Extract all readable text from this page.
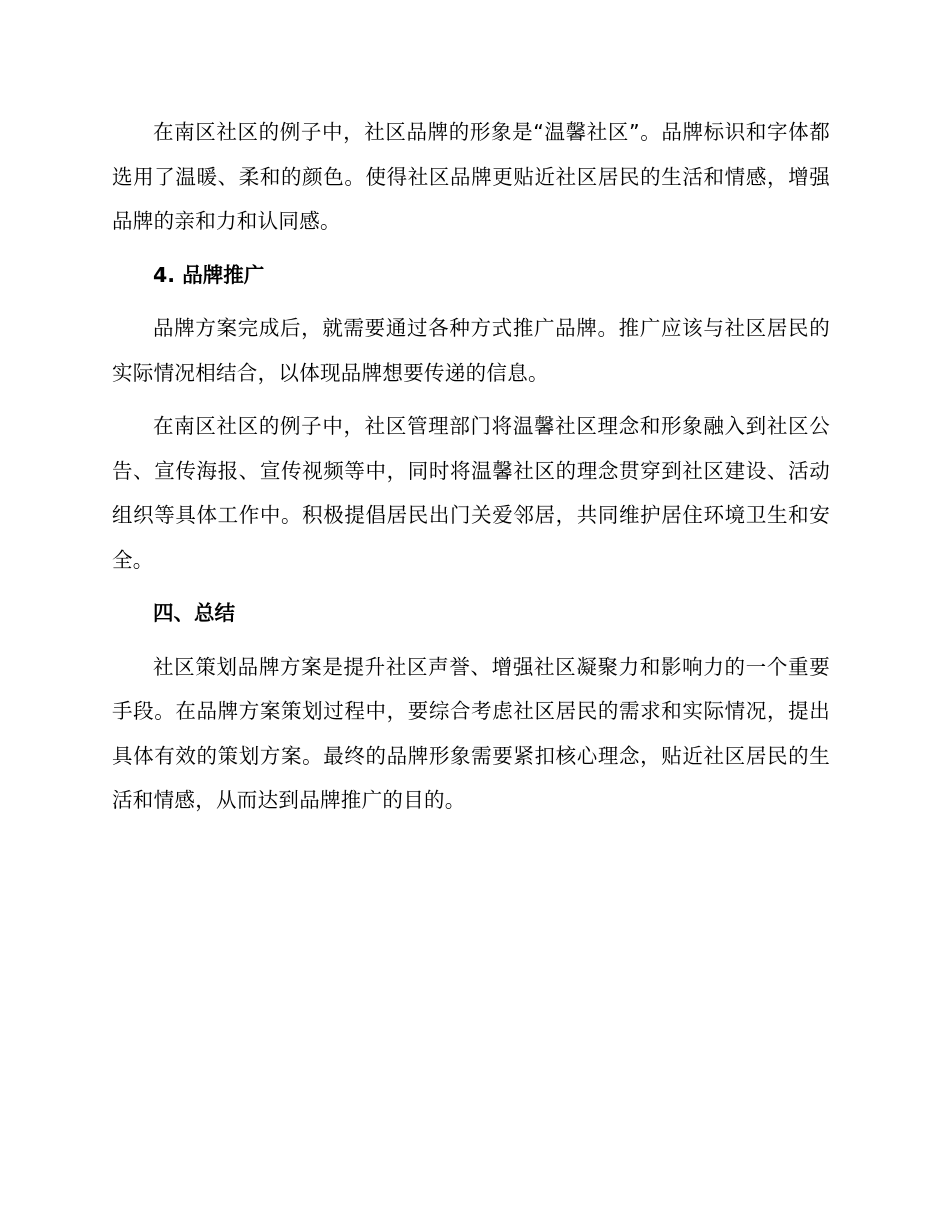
在南区社区的例子中，社区品牌的形象是“温馨社区”。品牌标识和字体都选用了温暖、柔和的颜色。使得社区品牌更贴近社区居民的生活和情感，增强品牌的亲和力和认同感。

4. 品牌推广

品牌方案完成后，就需要通过各种方式推广品牌。推广应该与社区居民的实际情况相结合，以体现品牌想要传递的信息。

在南区社区的例子中，社区管理部门将温馨社区理念和形象融入到社区公告、宣传海报、宣传视频等中，同时将温馨社区的理念贯穿到社区建设、活动组织等具体工作中。积极提倡居民出门关爱邻居，共同维护居住环境卫生和安全。

四、总结

社区策划品牌方案是提升社区声誉、增强社区凝聚力和影响力的一个重要手段。在品牌方案策划过程中，要综合考虑社区居民的需求和实际情况，提出具体有效的策划方案。最终的品牌形象需要紧扣核心理念，贴近社区居民的生活和情感，从而达到品牌推广的目的。
